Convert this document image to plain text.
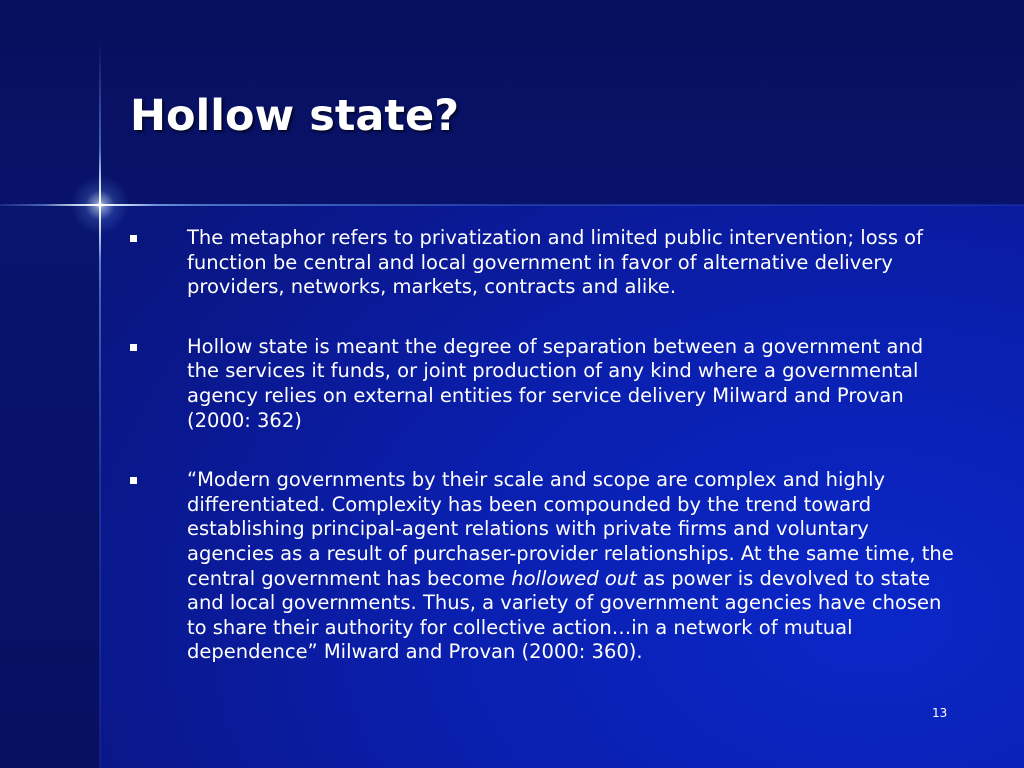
Hollow state?
The metaphor refers to privatization and limited public intervention; loss of function be central and local government in favor of alternative delivery providers, networks, markets, contracts and alike.
Hollow state is meant the degree of separation between a government and the services it funds, or joint production of any kind where a governmental agency relies on external entities for service delivery Milward and Provan (2000: 362)
“Modern governments by their scale and scope are complex and highly differentiated. Complexity has been compounded by the trend toward establishing principal-agent relations with private firms and voluntary agencies as a result of purchaser-provider relationships. At the same time, the central government has become hollowed out as power is devolved to state and local governments. Thus, a variety of government agencies have chosen to share their authority for collective action…in a network of mutual dependence” Milward and Provan (2000: 360).
13
